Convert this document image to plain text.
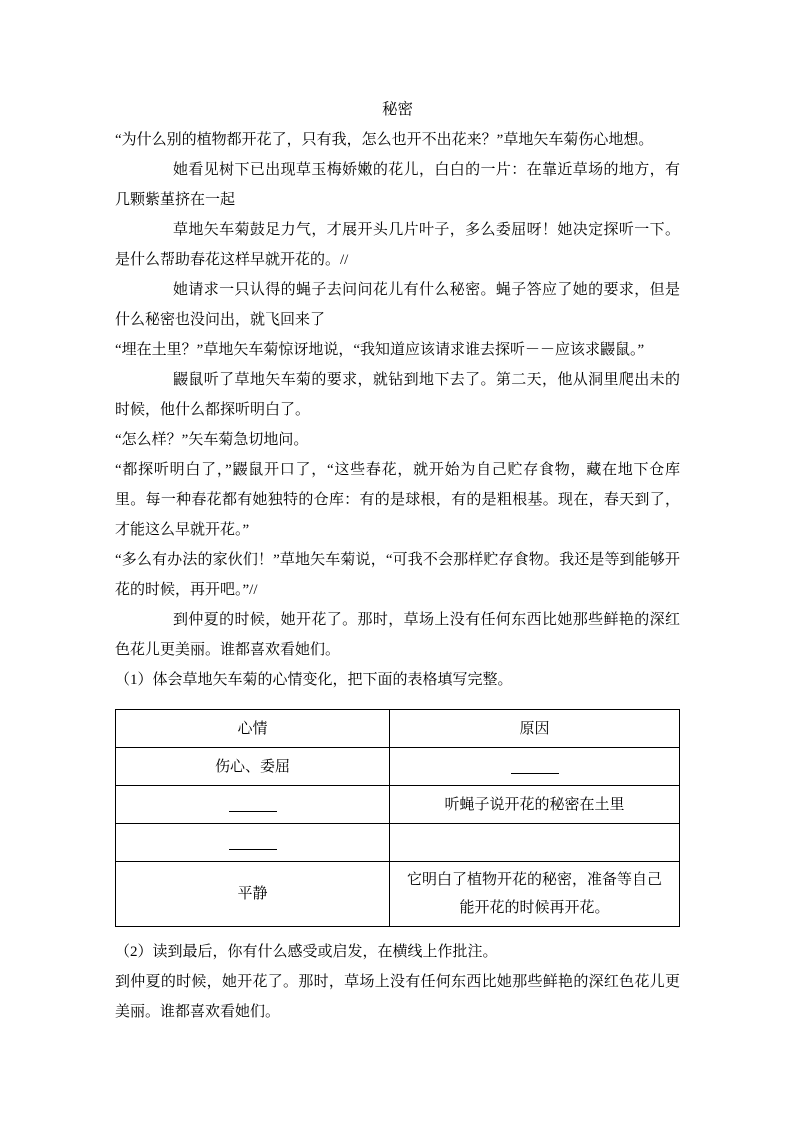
秘密

“为什么别的植物都开花了，只有我，怎么也开不出花来？”草地矢车菊伤心地想。

她看见树下已出现草玉梅娇嫩的花儿，白白的一片：在靠近草场的地方，有几颗紫堇挤在一起

草地矢车菊鼓足力气，才展开头几片叶子，多么委屈呀！她决定探听一下。是什么帮助春花这样早就开花的。//

她请求一只认得的蝇子去问问花儿有什么秘密。蝇子答应了她的要求，但是什么秘密也没问出，就飞回来了

“埋在土里？”草地矢车菊惊讶地说，“我知道应该请求谁去探听－－应该求鼹鼠。”

鼹鼠听了草地矢车菊的要求，就钻到地下去了。第二天，他从洞里爬出未的时候，他什么都探听明白了。

“怎么样？”矢车菊急切地问。

“都探听明白了，”鼹鼠开口了，“这些春花，就开始为自己贮存食物，藏在地下仓库里。每一种春花都有她独特的仓库：有的是球根，有的是粗根基。现在，春天到了，才能这么早就开花。”

“多么有办法的家伙们！”草地矢车菊说，“可我不会那样贮存食物。我还是等到能够开花的时候，再开吧。”//

到仲夏的时候，她开花了。那时，草场上没有任何东西比她那些鲜艳的深红色花儿更美丽。谁都喜欢看她们。

（1）体会草地矢车菊的心情变化，把下面的表格填写完整。

心情	原因
伤心、委屈	
	听蝇子说开花的秘密在土里

平静	它明白了植物开花的秘密，准备等自己能开花的时候再开花。

（2）读到最后，你有什么感受或启发，在横线上作批注。

到仲夏的时候，她开花了。那时，草场上没有任何东西比她那些鲜艳的深红色花儿更美丽。谁都喜欢看她们。
